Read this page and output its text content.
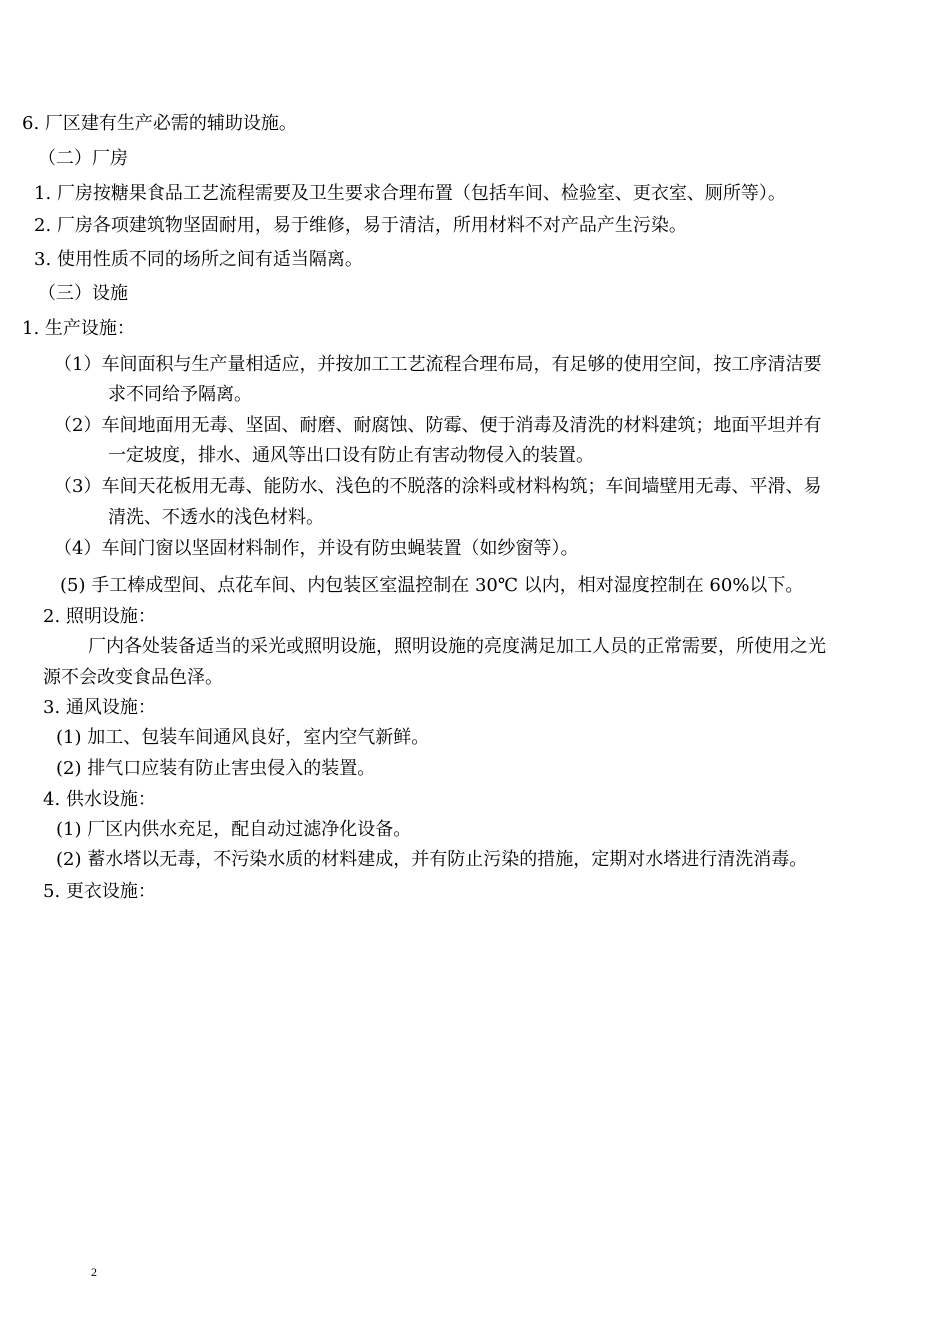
6. 厂区建有生产必需的辅助设施。
（二）厂房
1. 厂房按糖果食品工艺流程需要及卫生要求合理布置（包括车间、检验室、更衣室、厕所等）。
2. 厂房各项建筑物坚固耐用，易于维修，易于清洁，所用材料不对产品产生污染。
3. 使用性质不同的场所之间有适当隔离。
（三）设施
1. 生产设施：
（1）车间面积与生产量相适应，并按加工工艺流程合理布局，有足够的使用空间，按工序清洁要
求不同给予隔离。
（2）车间地面用无毒、坚固、耐磨、耐腐蚀、防霉、便于消毒及清洗的材料建筑；地面平坦并有
一定坡度，排水、通风等出口设有防止有害动物侵入的装置。
（3）车间天花板用无毒、能防水、浅色的不脱落的涂料或材料构筑；车间墙壁用无毒、平滑、易
清洗、不透水的浅色材料。
（4）车间门窗以坚固材料制作，并设有防虫蝇装置（如纱窗等）。
(5) 手工棒成型间、点花车间、内包装区室温控制在 30℃ 以内，相对湿度控制在 60%以下。
2. 照明设施：
厂内各处装备适当的采光或照明设施，照明设施的亮度满足加工人员的正常需要，所使用之光
源不会改变食品色泽。
3. 通风设施：
(1) 加工、包装车间通风良好，室内空气新鲜。
(2) 排气口应装有防止害虫侵入的装置。
4. 供水设施：
(1) 厂区内供水充足，配自动过滤净化设备。
(2) 蓄水塔以无毒，不污染水质的材料建成，并有防止污染的措施，定期对水塔进行清洗消毒。
5. 更衣设施：
2
